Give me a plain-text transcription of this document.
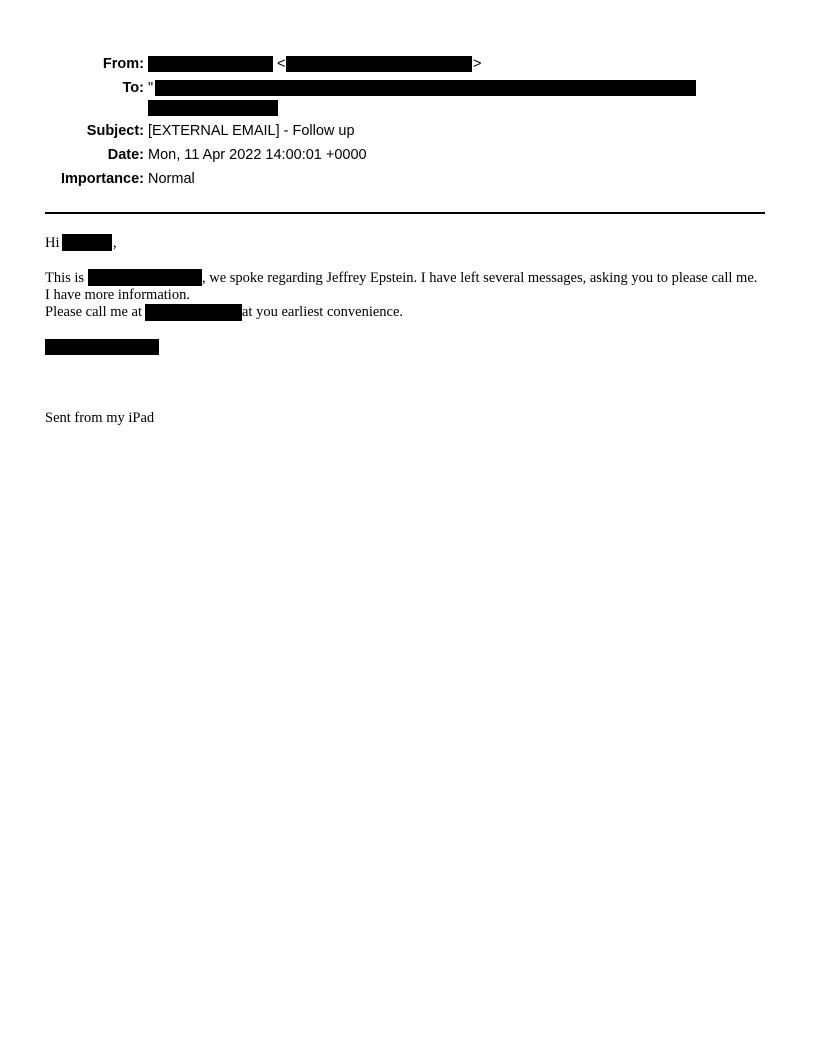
From:	<	>
To: "
Subject: [EXTERNAL EMAIL] - Follow up
Date: Mon, 11 Apr 2022 14:00:01 +0000
Importance: Normal
Hi	,
This is	, we spoke regarding Jeffrey Epstein. I have left several messages, asking you to please call me.
I have more information.
Please call me at	at you earliest convenience.
Sent from my iPad
